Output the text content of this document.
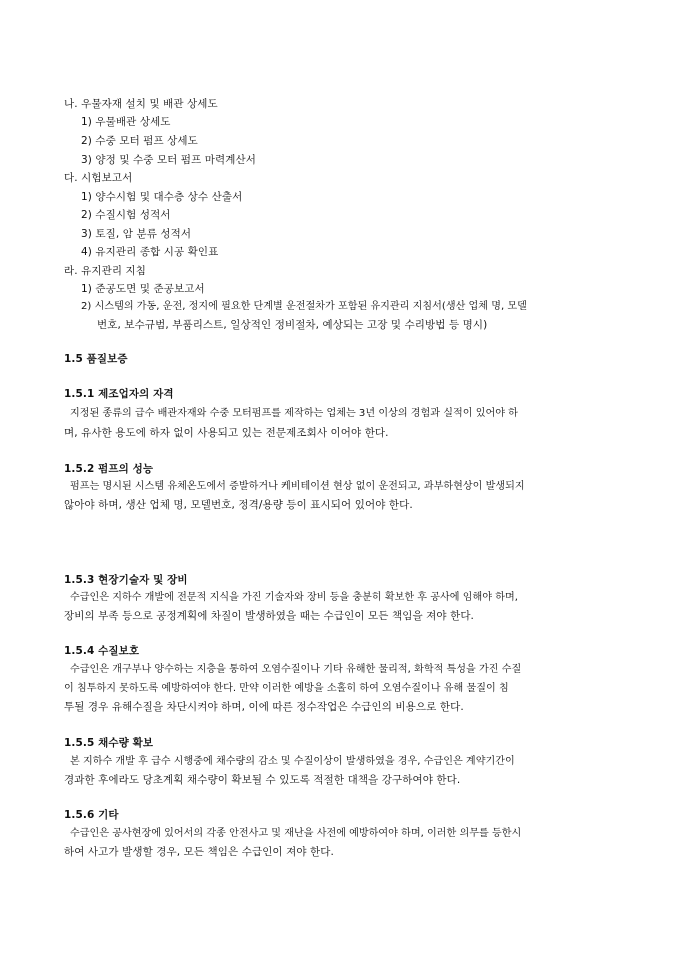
나. 우물자재 설치 및 배관 상세도
1) 우물배관 상세도
2) 수중 모터 펌프 상세도
3) 양정 및 수중 모터 펌프 마력계산서
다. 시험보고서
1) 양수시험 및 대수층 상수 산출서
2) 수질시험 성적서
3) 토질, 암 분류 성적서
4) 유지관리 종합 시공 확인표
라. 유지관리 지침
1) 준공도면 및 준공보고서
2) 시스템의 가동, 운전, 정지에 필요한 단계별 운전절차가 포함된 유지관리 지침서(생산 업체 명, 모델
번호, 보수규범, 부품리스트, 일상적인 정비절차, 예상되는 고장 및 수리방법 등 명시)
1.5 품질보증
1.5.1 제조업자의 자격
지정된 종류의 급수 배관자재와 수중 모터펌프를 제작하는 업체는 3년 이상의 경험과 실적이 있어야 하
며, 유사한 용도에 하자 없이 사용되고 있는 전문제조회사 이어야 한다.
1.5.2 펌프의 성능
펌프는 명시된 시스템 유체온도에서 증발하거나 케비테이션 현상 없이 운전되고, 과부하현상이 발생되지
않아야 하며, 생산 업체 명, 모델번호, 정격/용량 등이 표시되어 있어야 한다.
1.5.3 현장기술자 및 장비
수급인은 지하수 개발에 전문적 지식을 가진 기술자와 장비 등을 충분히 확보한 후 공사에 임해야 하며,
장비의 부족 등으로 공정계획에 차질이 발생하였을 때는 수급인이 모든 책임을 져야 한다.
1.5.4 수질보호
수급인은 개구부나 양수하는 지층을 통하여 오염수질이나 기타 유해한 물리적, 화학적 특성을 가진 수질
이 침투하지 못하도록 예방하여야 한다. 만약 이러한 예방을 소홀히 하여 오염수질이나 유해 물질이 침
투될 경우 유해수질을 차단시켜야 하며, 이에 따른 정수작업은 수급인의 비용으로 한다.
1.5.5 채수량 확보
본 지하수 개발 후 급수 시행중에 채수량의 감소 및 수질이상이 발생하였을 경우, 수급인은 계약기간이
경과한 후에라도 당초계획 채수량이 확보될 수 있도록 적절한 대책을 강구하여야 한다.
1.5.6 기타
수급인은 공사현장에 있어서의 각종 안전사고 및 재난을 사전에 예방하여야 하며, 이러한 의무를 등한시
하여 사고가 발생할 경우, 모든 책임은 수급인이 져야 한다.
